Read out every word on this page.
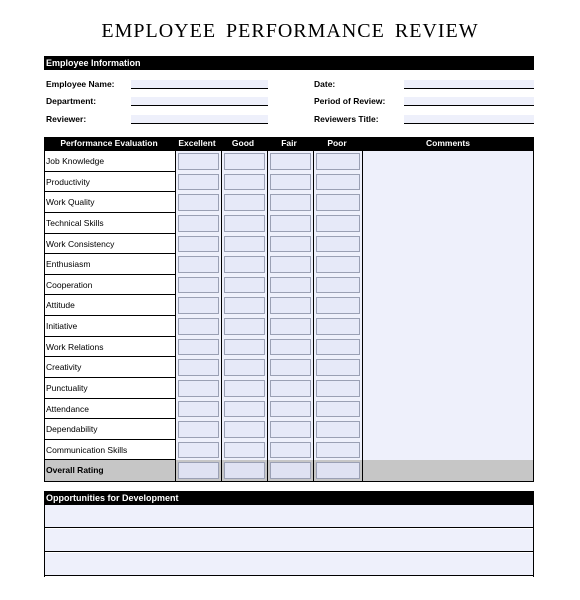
EMPLOYEE PERFORMANCE REVIEW
Employee Information
Employee Name:
Department:
Reviewer:
Date:
Period of Review:
Reviewers Title:
Performance Evaluation	Excellent	Good	Fair	Poor	Comments
Job Knowledge
Productivity
Work Quality
Technical Skills
Work Consistency
Enthusiasm
Cooperation
Attitude
Initiative
Work Relations
Creativity
Punctuality
Attendance
Dependability
Communication Skills
Overall Rating
Opportunities for Development
